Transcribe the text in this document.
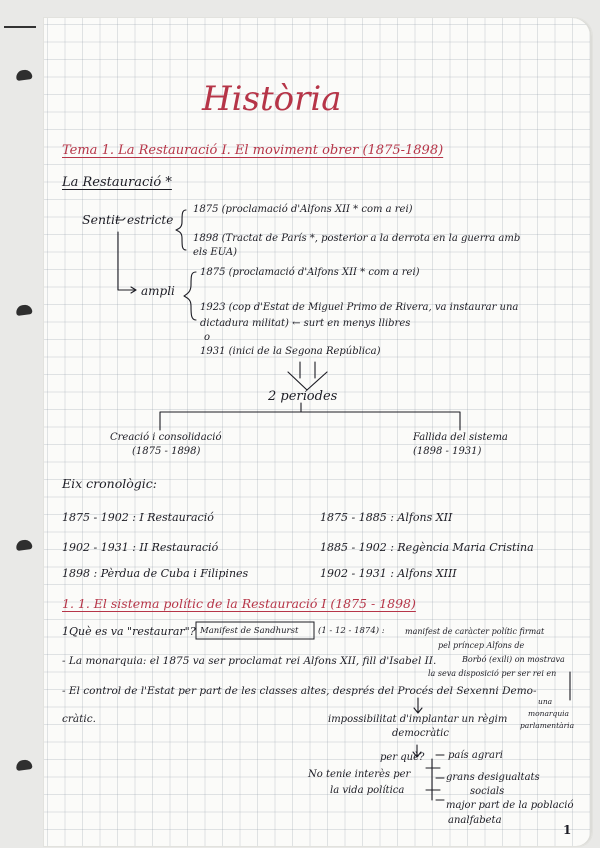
Història
Tema 1. La Restauració I. El moviment obrer (1875-1898)
La Restauració *
Sentit estricte
1875 (proclamació d'Alfons XII * com a rei)
1898 (Tractat de París *, posterior a la derrota en la guerra amb
els EUA)
ampli
1875 (proclamació d'Alfons XII * com a rei)
1923 (cop d'Estat de Miguel Primo de Rivera, va instaurar una
dictadura militat) ← surt en menys llibres
o
1931 (inici de la Segona República)
2 períodes
Creació i consolidació
(1875 - 1898)
Fallida del sistema
(1898 - 1931)
Eix cronològic:
1875 - 1902 : I Restauració
1902 - 1931 : II Restauració
1898 : Pèrdua de Cuba i Filipines
1875 - 1885 : Alfons XII
1885 - 1902 : Regència Maria Cristina
1902 - 1931 : Alfons XIII
1. 1. El sistema polític de la Restauració I (1875 - 1898)
1Què es va "restaurar"? Manifest de Sandhurst (1 - 12 - 1874) :	manifest de caràcter polític firmat
pel príncep Alfons de
- La monarquia: el 1875 va ser proclamat rei Alfons XII, fill d'Isabel II.	Borbó (exili) on mostrava
la seva disposició per ser rei en
- El control de l'Estat per part de les classes altes, després del Procés del Sexenni Demo-
cràtic.
una
monarquia
parlamentària
impossibilitat d'implantar un règim
democràtic
per què?
No tenie interès per
la vida política
país agrari
grans desigualtats
socials
major part de la població
analfabeta
1
